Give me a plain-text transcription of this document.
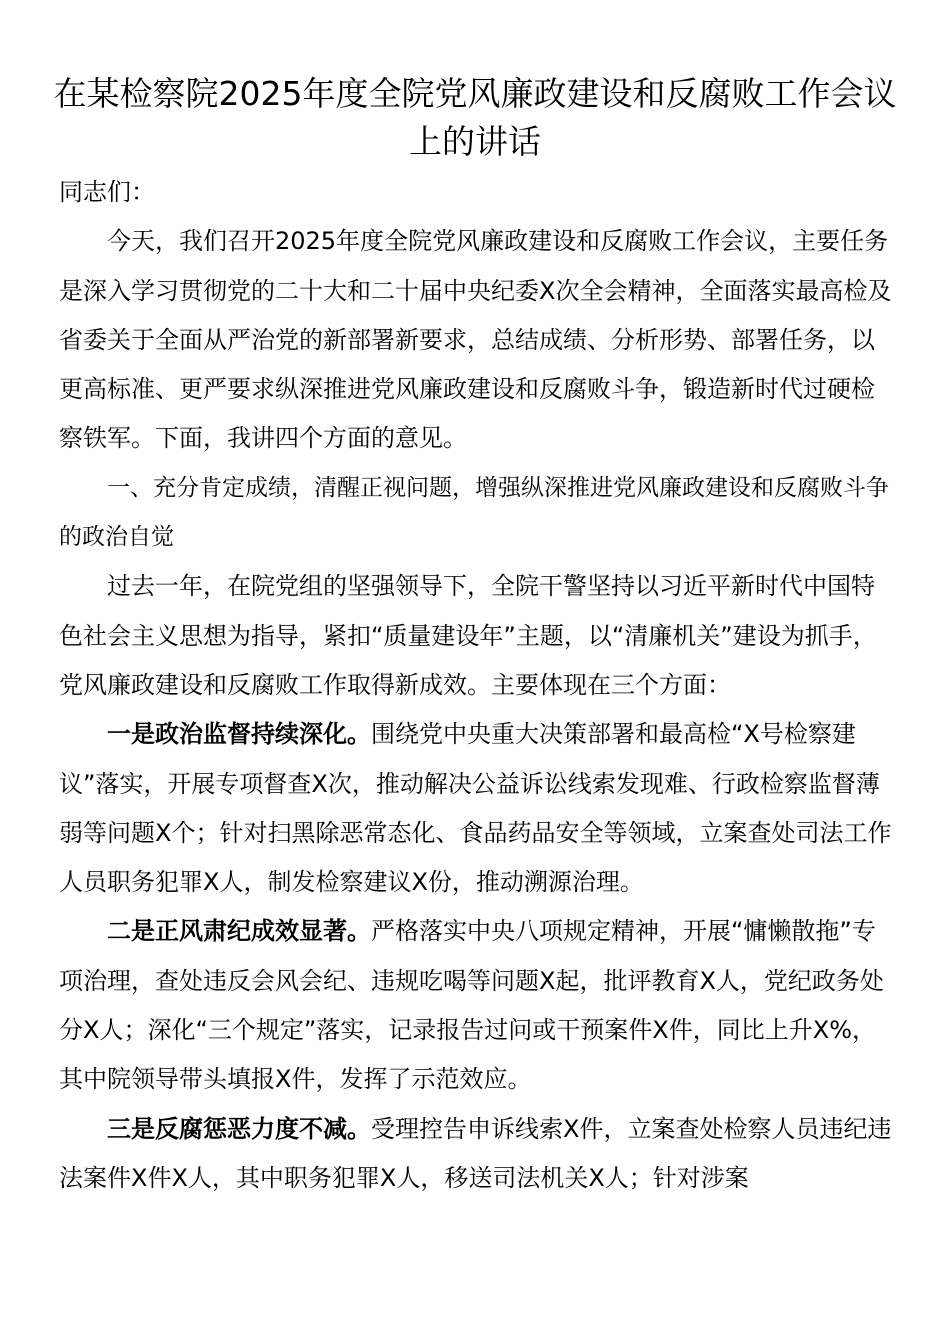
在某检察院2025年度全院党风廉政建设和反腐败工作会议上的讲话

同志们：

今天，我们召开2025年度全院党风廉政建设和反腐败工作会议，主要任务是深入学习贯彻党的二十大和二十届中央纪委X次全会精神，全面落实最高检及省委关于全面从严治党的新部署新要求，总结成绩、分析形势、部署任务，以更高标准、更严要求纵深推进党风廉政建设和反腐败斗争，锻造新时代过硬检察铁军。下面，我讲四个方面的意见。

一、充分肯定成绩，清醒正视问题，增强纵深推进党风廉政建设和反腐败斗争的政治自觉

过去一年，在院党组的坚强领导下，全院干警坚持以习近平新时代中国特色社会主义思想为指导，紧扣“质量建设年”主题，以“清廉机关”建设为抓手，党风廉政建设和反腐败工作取得新成效。主要体现在三个方面：

一是政治监督持续深化。围绕党中央重大决策部署和最高检“X号检察建议”落实，开展专项督查X次，推动解决公益诉讼线索发现难、行政检察监督薄弱等问题X个；针对扫黑除恶常态化、食品药品安全等领域，立案查处司法工作人员职务犯罪X人，制发检察建议X份，推动溯源治理。

二是正风肃纪成效显著。严格落实中央八项规定精神，开展“慵懒散拖”专项治理，查处违反会风会纪、违规吃喝等问题X起，批评教育X人，党纪政务处分X人；深化“三个规定”落实，记录报告过问或干预案件X件，同比上升X%，其中院领导带头填报X件，发挥了示范效应。

三是反腐惩恶力度不减。受理控告申诉线索X件，立案查处检察人员违纪违法案件X件X人，其中职务犯罪X人，移送司法机关X人；针对涉案
